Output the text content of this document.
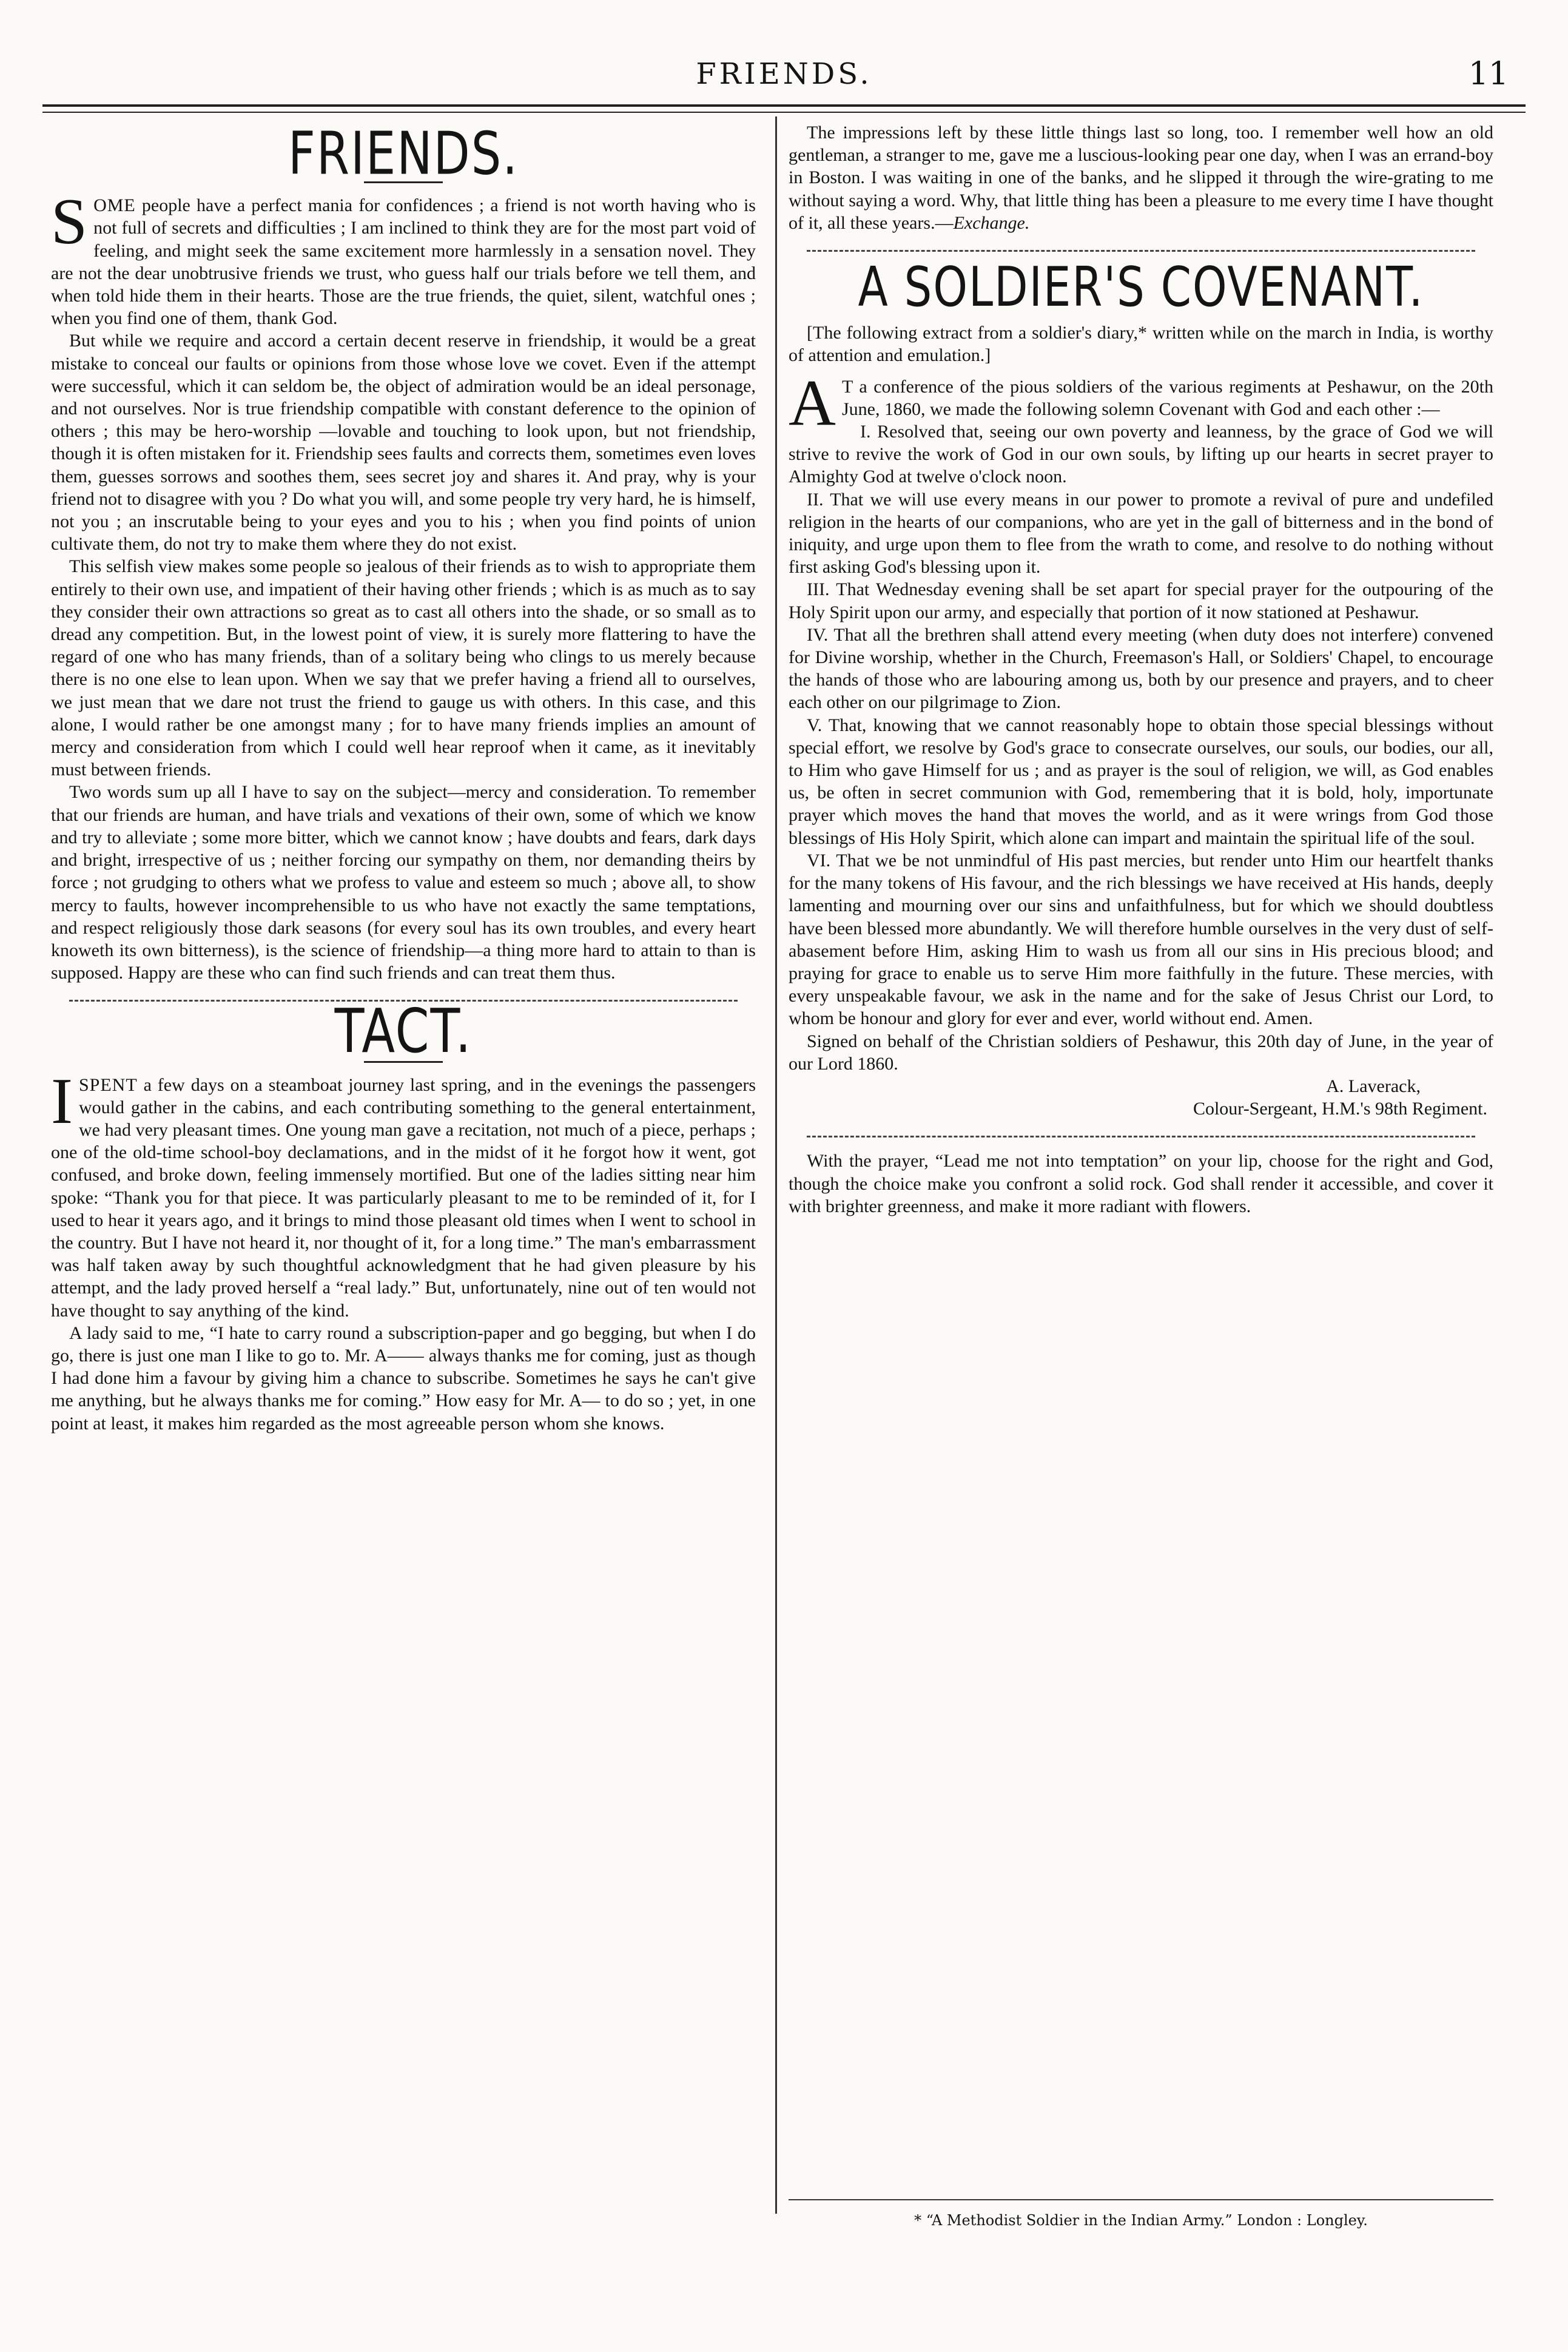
FRIENDS.	11
FRIENDS.

SOME people have a perfect mania for confidences ; a friend is not worth having who is not full of secrets and difficulties ; I am inclined to think they are for the most part void of feeling, and might seek the same excitement more harmlessly in a sensation novel. They are not the dear unobtrusive friends we trust, who guess half our trials before we tell them, and when told hide them in their hearts. Those are the true friends, the quiet, silent, watchful ones ; when you find one of them, thank God.

But while we require and accord a certain decent reserve in friendship, it would be a great mistake to conceal our faults or opinions from those whose love we covet. Even if the attempt were successful, which it can seldom be, the object of admiration would be an ideal personage, and not ourselves. Nor is true friendship compatible with constant deference to the opinion of others ; this may be hero-worship —lovable and touching to look upon, but not friendship, though it is often mistaken for it. Friendship sees faults and corrects them, sometimes even loves them, guesses sorrows and soothes them, sees secret joy and shares it. And pray, why is your friend not to disagree with you ? Do what you will, and some people try very hard, he is himself, not you ; an inscrutable being to your eyes and you to his ; when you find points of union cultivate them, do not try to make them where they do not exist.

This selfish view makes some people so jealous of their friends as to wish to appropriate them entirely to their own use, and impatient of their having other friends ; which is as much as to say they consider their own attractions so great as to cast all others into the shade, or so small as to dread any competition. But, in the lowest point of view, it is surely more flattering to have the regard of one who has many friends, than of a solitary being who clings to us merely because there is no one else to lean upon. When we say that we prefer having a friend all to ourselves, we just mean that we dare not trust the friend to gauge us with others. In this case, and this alone, I would rather be one amongst many ; for to have many friends implies an amount of mercy and consideration from which I could well hear reproof when it came, as it inevitably must between friends.

Two words sum up all I have to say on the subject—mercy and consideration. To remember that our friends are human, and have trials and vexations of their own, some of which we know and try to alleviate ; some more bitter, which we cannot know ; have doubts and fears, dark days and bright, irrespective of us ; neither forcing our sympathy on them, nor demanding theirs by force ; not grudging to others what we profess to value and esteem so much ; above all, to show mercy to faults, however incomprehensible to us who have not exactly the same temptations, and respect religiously those dark seasons (for every soul has its own troubles, and every heart knoweth its own bitterness), is the science of friendship—a thing more hard to attain to than is supposed. Happy are these who can find such friends and can treat them thus.

TACT.

ISPENT a few days on a steamboat journey last spring, and in the evenings the passengers would gather in the cabins, and each contributing something to the general entertainment, we had very pleasant times. One young man gave a recitation, not much of a piece, perhaps ; one of the old-time school-boy declamations, and in the midst of it he forgot how it went, got confused, and broke down, feeling immensely mortified. But one of the ladies sitting near him spoke: “Thank you for that piece. It was particularly pleasant to me to be reminded of it, for I used to hear it years ago, and it brings to mind those pleasant old times when I went to school in the country. But I have not heard it, nor thought of it, for a long time.” The man's embarrassment was half taken away by such thoughtful acknowledgment that he had given pleasure by his attempt, and the lady proved herself a “real lady.” But, unfortunately, nine out of ten would not have thought to say anything of the kind.

A lady said to me, “I hate to carry round a subscription-paper and go begging, but when I do go, there is just one man I like to go to. Mr. A—— always thanks me for coming, just as though I had done him a favour by giving him a chance to subscribe. Sometimes he says he can't give me anything, but he always thanks me for coming.” How easy for Mr. A— to do so ; yet, in one point at least, it makes him regarded as the most agreeable person whom she knows.

The impressions left by these little things last so long, too. I remember well how an old gentleman, a stranger to me, gave me a luscious-looking pear one day, when I was an errand-boy in Boston. I was waiting in one of the banks, and he slipped it through the wire-grating to me without saying a word. Why, that little thing has been a pleasure to me every time I have thought of it, all these years.—Exchange.

A SOLDIER'S COVENANT.

[The following extract from a soldier's diary,* written while on the march in India, is worthy of attention and emulation.]

A T a conference of the pious soldiers of the various regiments at Peshawur, on the 20th June, 1860, we made the following solemn Covenant with God and each other :—

I. Resolved that, seeing our own poverty and leanness, by the grace of God we will strive to revive the work of God in our own souls, by lifting up our hearts in secret prayer to Almighty God at twelve o'clock noon.

II. That we will use every means in our power to promote a revival of pure and undefiled religion in the hearts of our companions, who are yet in the gall of bitterness and in the bond of iniquity, and urge upon them to flee from the wrath to come, and resolve to do nothing without first asking God's blessing upon it.

III. That Wednesday evening shall be set apart for special prayer for the outpouring of the Holy Spirit upon our army, and especially that portion of it now stationed at Peshawur.

IV. That all the brethren shall attend every meeting (when duty does not interfere) convened for Divine worship, whether in the Church, Freemason's Hall, or Soldiers' Chapel, to encourage the hands of those who are labouring among us, both by our presence and prayers, and to cheer each other on our pilgrimage to Zion.

V. That, knowing that we cannot reasonably hope to obtain those special blessings without special effort, we resolve by God's grace to consecrate ourselves, our souls, our bodies, our all, to Him who gave Himself for us ; and as prayer is the soul of religion, we will, as God enables us, be often in secret communion with God, remembering that it is bold, holy, importunate prayer which moves the hand that moves the world, and as it were wrings from God those blessings of His Holy Spirit, which alone can impart and maintain the spiritual life of the soul.

VI. That we be not unmindful of His past mercies, but render unto Him our heartfelt thanks for the many tokens of His favour, and the rich blessings we have received at His hands, deeply lamenting and mourning over our sins and unfaithfulness, but for which we should doubtless have been blessed more abundantly. We will therefore humble ourselves in the very dust of self-abasement before Him, asking Him to wash us from all our sins in His precious blood; and praying for grace to enable us to serve Him more faithfully in the future. These mercies, with every unspeakable favour, we ask in the name and for the sake of Jesus Christ our Lord, to whom be honour and glory for ever and ever, world without end. Amen.

Signed on behalf of the Christian soldiers of Peshawur, this 20th day of June, in the year of our Lord 1860.

A. Laverack,

Colour-Sergeant, H.M.'s 98th Regiment.

With the prayer, “Lead me not into temptation” on your lip, choose for the right and God, though the choice make you confront a solid rock. God shall render it accessible, and cover it with brighter greenness, and make it more radiant with flowers.

* “A Methodist Soldier in the Indian Army.” London : Longley.
